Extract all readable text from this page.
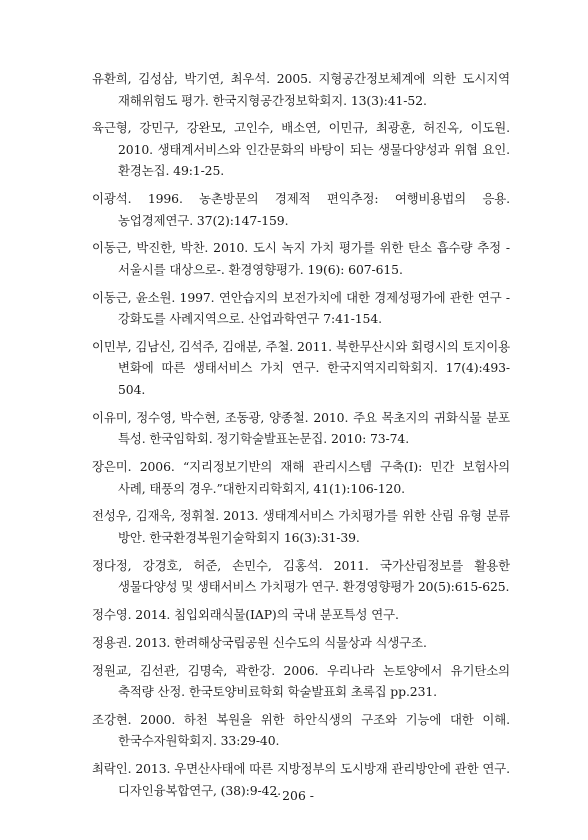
유환희, 김성삼, 박기연, 최우석. 2005. 지형공간정보체계에 의한 도시지역 재해위험도 평가. 한국지형공간정보학회지. 13(3):41-52.
육근형, 강민구, 강완모, 고인수, 배소연, 이민규, 최광훈, 허진옥, 이도원. 2010. 생태계서비스와 인간문화의 바탕이 되는 생물다양성과 위협 요인. 환경논집. 49:1-25.
이광석. 1996. 농촌방문의 경제적 편익추정: 여행비용법의 응용. 농업경제연구. 37(2):147-159.
이동근, 박진한, 박찬. 2010. 도시 녹지 가치 평가를 위한 탄소 흡수량 추정 -서울시를 대상으로-. 환경영향평가. 19(6): 607-615.
이동근, 윤소원. 1997. 연안습지의 보전가치에 대한 경제성평가에 관한 연구 - 강화도를 사례지역으로. 산업과학연구 7:41-154.
이민부, 김남신, 김석주, 김애분, 주철. 2011. 북한무산시와 회령시의 토지이용 변화에 따른 생태서비스 가치 연구. 한국지역지리학회지. 17(4):493-504.
이유미, 정수영, 박수현, 조동광, 양종철. 2010. 주요 목초지의 귀화식물 분포 특성. 한국임학회. 정기학술발표논문집. 2010: 73-74.
장은미. 2006. “지리정보기반의 재해 관리시스템 구축(I): 민간 보험사의 사례, 태풍의 경우.”대한지리학회지, 41(1):106-120.
전성우, 김재욱, 정휘철. 2013. 생태계서비스 가치평가를 위한 산림 유형 분류 방안. 한국환경복원기술학회지 16(3):31-39.
정다정, 강경호, 허준, 손민수, 김홍석. 2011. 국가산림정보를 활용한 생물다양성 및 생태서비스 가치평가 연구. 환경영향평가 20(5):615-625.
정수영. 2014. 침입외래식물(IAP)의 국내 분포특성 연구.
정용권. 2013. 한려해상국립공원 신수도의 식물상과 식생구조.
정원교, 김선관, 김명숙, 곽한강. 2006. 우리나라 논토양에서 유기탄소의 축적량 산정. 한국토양비료학회 학술발표회 초록집 pp.231.
조강현. 2000. 하천 복원을 위한 하안식생의 구조와 기능에 대한 이해. 한국수자원학회지. 33:29-40.
최락인. 2013. 우면산사태에 따른 지방정부의 도시방재 관리방안에 관한 연구. 디자인융복합연구, (38):9-42.
- 206 -
